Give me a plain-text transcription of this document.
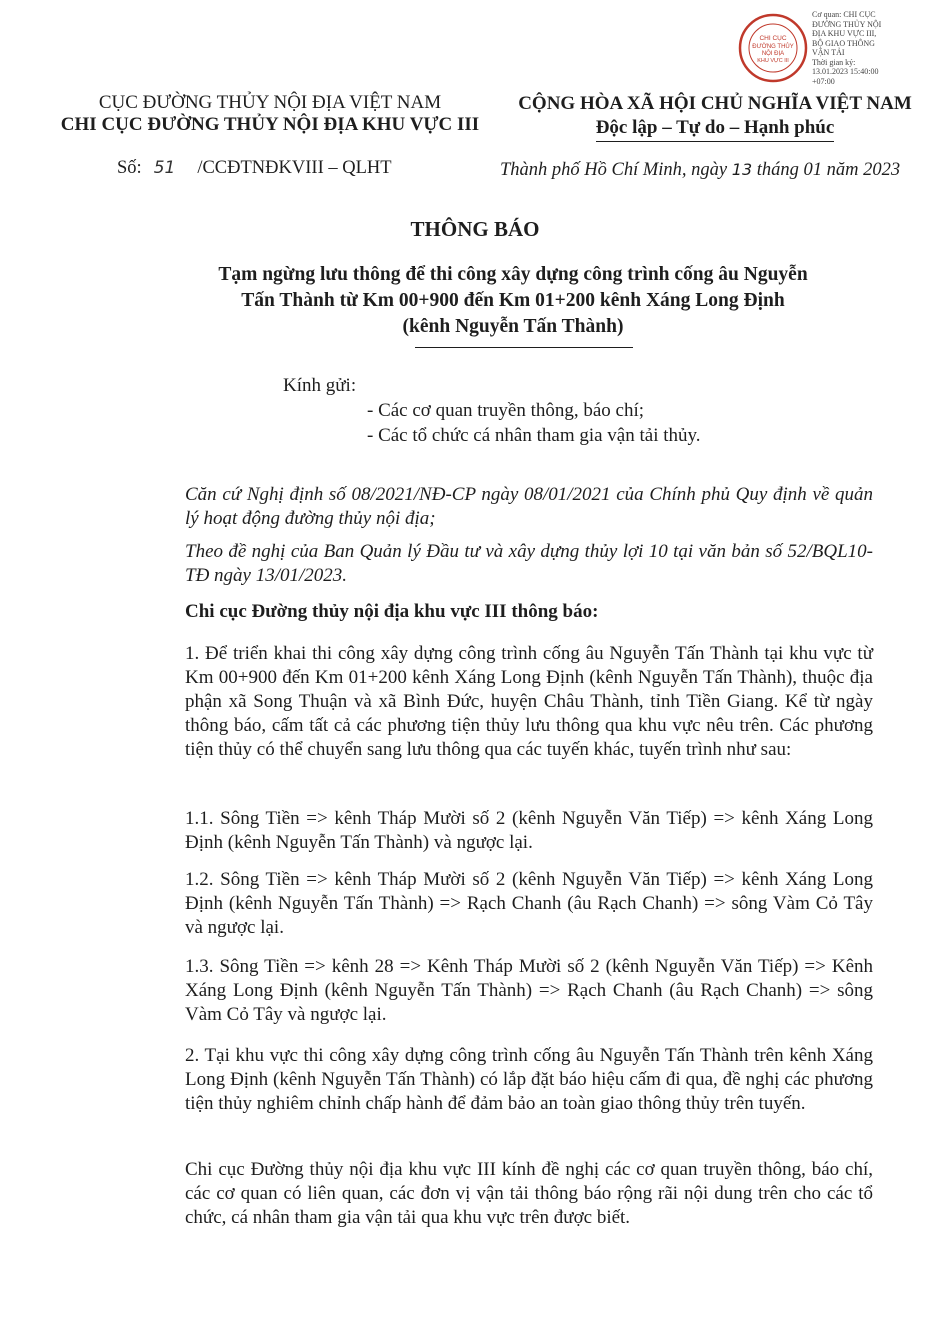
CHI CỤC
ĐƯỜNG THỦY
NỘI ĐỊA
KHU VỰC III
Cơ quan: CHI CỤC
ĐƯỜNG THỦY NỘI
ĐỊA KHU VỰC III,
BỘ GIAO THÔNG
VẬN TẢI
Thời gian ký:
13.01.2023 15:40:00
+07:00
CỤC ĐƯỜNG THỦY NỘI ĐỊA VIỆT NAM
CHI CỤC ĐƯỜNG THỦY NỘI ĐỊA KHU VỰC III
CỘNG HÒA XÃ HỘI CHỦ NGHĨA VIỆT NAM
Độc lập – Tự do – Hạnh phúc
Số: 51 /CCĐTNĐKVIII – QLHT	Thành phố Hồ Chí Minh, ngày 13 tháng 01 năm 2023
THÔNG BÁO
Tạm ngừng lưu thông để thi công xây dựng công trình cống âu Nguyễn
Tấn Thành từ Km 00+900 đến Km 01+200 kênh Xáng Long Định
(kênh Nguyễn Tấn Thành)
Kính gửi:
- Các cơ quan truyền thông, báo chí;
- Các tổ chức cá nhân tham gia vận tải thủy.
Căn cứ Nghị định số 08/2021/NĐ-CP ngày 08/01/2021 của Chính phủ Quy định về quản lý hoạt động đường thủy nội địa;
Theo đề nghị của Ban Quản lý Đầu tư và xây dựng thủy lợi 10 tại văn bản số 52/BQL10-TĐ ngày 13/01/2023.
Chi cục Đường thủy nội địa khu vực III thông báo:
1. Để triển khai thi công xây dựng công trình cống âu Nguyễn Tấn Thành tại khu vực từ Km 00+900 đến Km 01+200 kênh Xáng Long Định (kênh Nguyễn Tấn Thành), thuộc địa phận xã Song Thuận và xã Bình Đức, huyện Châu Thành, tỉnh Tiền Giang. Kể từ ngày thông báo, cấm tất cả các phương tiện thủy lưu thông qua khu vực nêu trên. Các phương tiện thủy có thể chuyển sang lưu thông qua các tuyến khác, tuyến trình như sau:
1.1. Sông Tiền => kênh Tháp Mười số 2 (kênh Nguyễn Văn Tiếp) => kênh Xáng Long Định (kênh Nguyễn Tấn Thành) và ngược lại.
1.2. Sông Tiền => kênh Tháp Mười số 2 (kênh Nguyễn Văn Tiếp) => kênh Xáng Long Định (kênh Nguyễn Tấn Thành) => Rạch Chanh (âu Rạch Chanh) => sông Vàm Cỏ Tây và ngược lại.
1.3. Sông Tiền => kênh 28 => Kênh Tháp Mười số 2 (kênh Nguyễn Văn Tiếp) => Kênh Xáng Long Định (kênh Nguyễn Tấn Thành) => Rạch Chanh (âu Rạch Chanh) => sông Vàm Cỏ Tây và ngược lại.
2. Tại khu vực thi công xây dựng công trình cống âu Nguyễn Tấn Thành trên kênh Xáng Long Định (kênh Nguyễn Tấn Thành) có lắp đặt báo hiệu cấm đi qua, đề nghị các phương tiện thủy nghiêm chỉnh chấp hành để đảm bảo an toàn giao thông thủy trên tuyến.
Chi cục Đường thủy nội địa khu vực III kính đề nghị các cơ quan truyền thông, báo chí, các cơ quan có liên quan, các đơn vị vận tải thông báo rộng rãi nội dung trên cho các tổ chức, cá nhân tham gia vận tải qua khu vực trên được biết.
